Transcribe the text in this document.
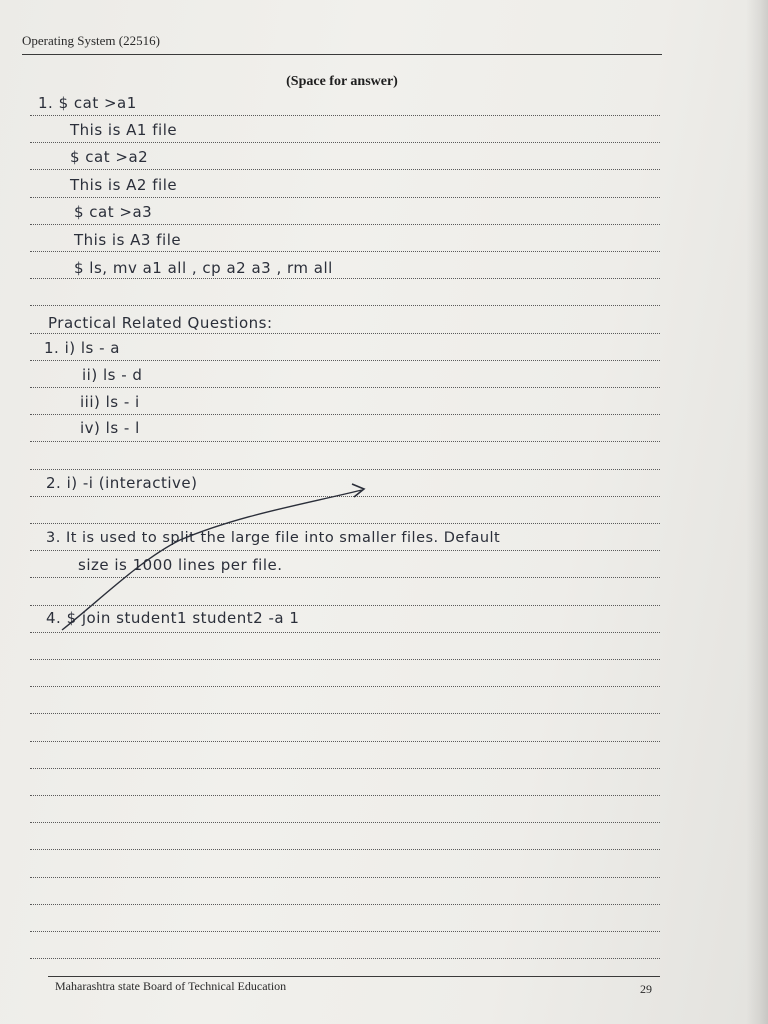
Operating System (22516)
(Space for answer)
1. $ cat >a1
This is A1 file
$ cat >a2
This is A2 file
$ cat >a3
This is A3 file
$ ls, mv a1 all , cp a2 a3 , rm all
Practical Related Questions:
1. i) ls - a
ii) ls - d
iii) ls - i
iv) ls - l
2. i) -i (interactive)
3. It is used to split the large file into smaller files. Default
size is 1000 lines per file.
4. $ join student1 student2 -a 1
Maharashtra state Board of Technical Education	29
